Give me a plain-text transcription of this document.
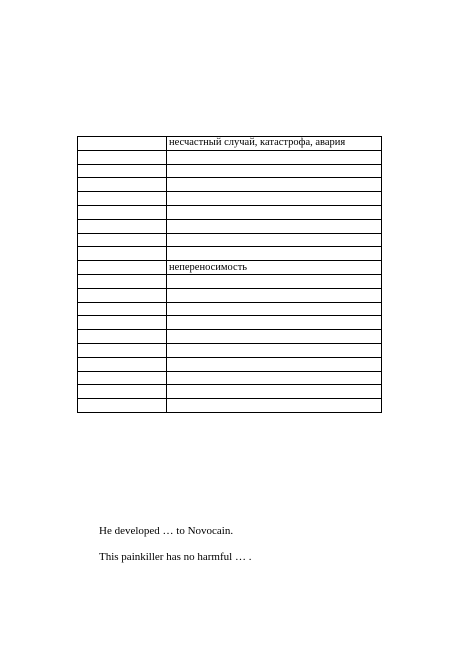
	несчастный случай, катастрофа, авария

	непереносимость

He developed … to Novocain.
This painkiller has no harmful … .
